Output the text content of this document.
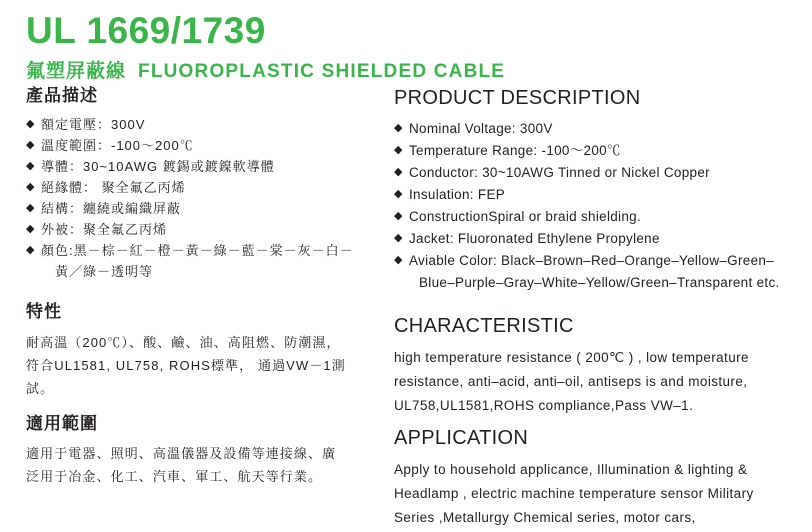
UL 1669/1739
氟塑屏蔽線 FLUOROPLASTIC SHIELDED CABLE
產品描述
◆ 額定電壓：300V
◆ 溫度範圍：-100～200℃
◆ 導體：30~10AWG 鍍錫或鍍鎳軟導體
◆ 絕緣體： 聚全氟乙丙烯
◆ 結構：纏繞或編織屏蔽
◆ 外被：聚全氟乙丙烯
◆ 顏色:黑－棕－紅－橙－黃－綠－藍－棠－灰－白－
黃／綠－透明等
特性

耐高溫（200℃）、酸、鹼、油、高阻燃、防潮濕，

符合UL1581, UL758, ROHS標準， 通過VW－1測

試。

適用範圍

適用于電器、照明、高溫儀器及設備等連接線、廣

泛用于冶金、化工、汽車、軍工、航天等行業。

PRODUCT DESCRIPTION
◆ Nominal Voltage: 300V
◆ Temperature Range: -100～200℃
◆ Conductor: 30~10AWG Tinned or Nickel Copper
◆ Insulation: FEP
◆ ConstructionSpiral or braid shielding.
◆ Jacket: Fluoronated Ethylene Propylene
◆ Aviable Color: Black–Brown–Red–Orange–Yellow–Green–
Blue–Purple–Gray–White–Yellow/Green–Transparent etc.
CHARACTERISTIC

high temperature resistance ( 200℃ ) , low temperature

resistance, anti–acid, anti–oil, antiseps is and moisture,

UL758,UL1581,ROHS compliance,Pass VW–1.

APPLICATION

Apply to household applicance, Illumination & lighting &

Headlamp , electric machine temperature sensor Military

Series ,Metallurgy Chemical series, motor cars,
